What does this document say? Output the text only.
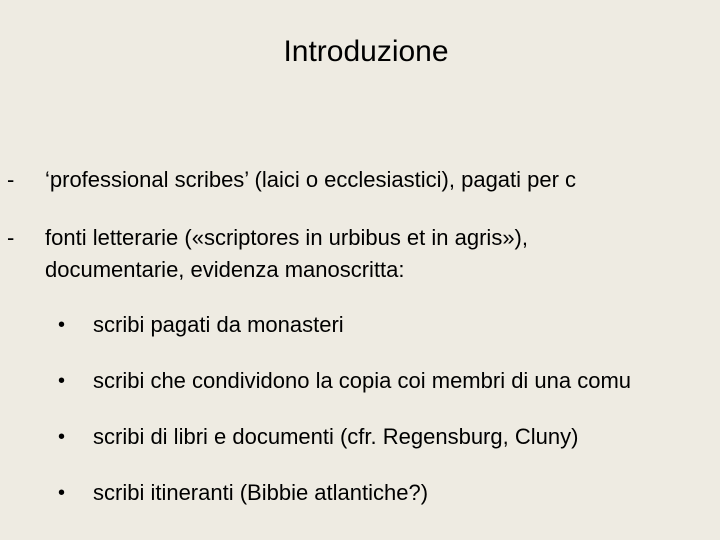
Introduzione
- ‘professional scribes’ (laici o ecclesiastici), pagati per c
- fonti letterarie («scriptores in urbibus et in agris»),
documentarie, evidenza manoscritta:
• scribi pagati da monasteri
• scribi che condividono la copia coi membri di una comu
• scribi di libri e documenti (cfr. Regensburg, Cluny)
• scribi itineranti (Bibbie atlantiche?)
